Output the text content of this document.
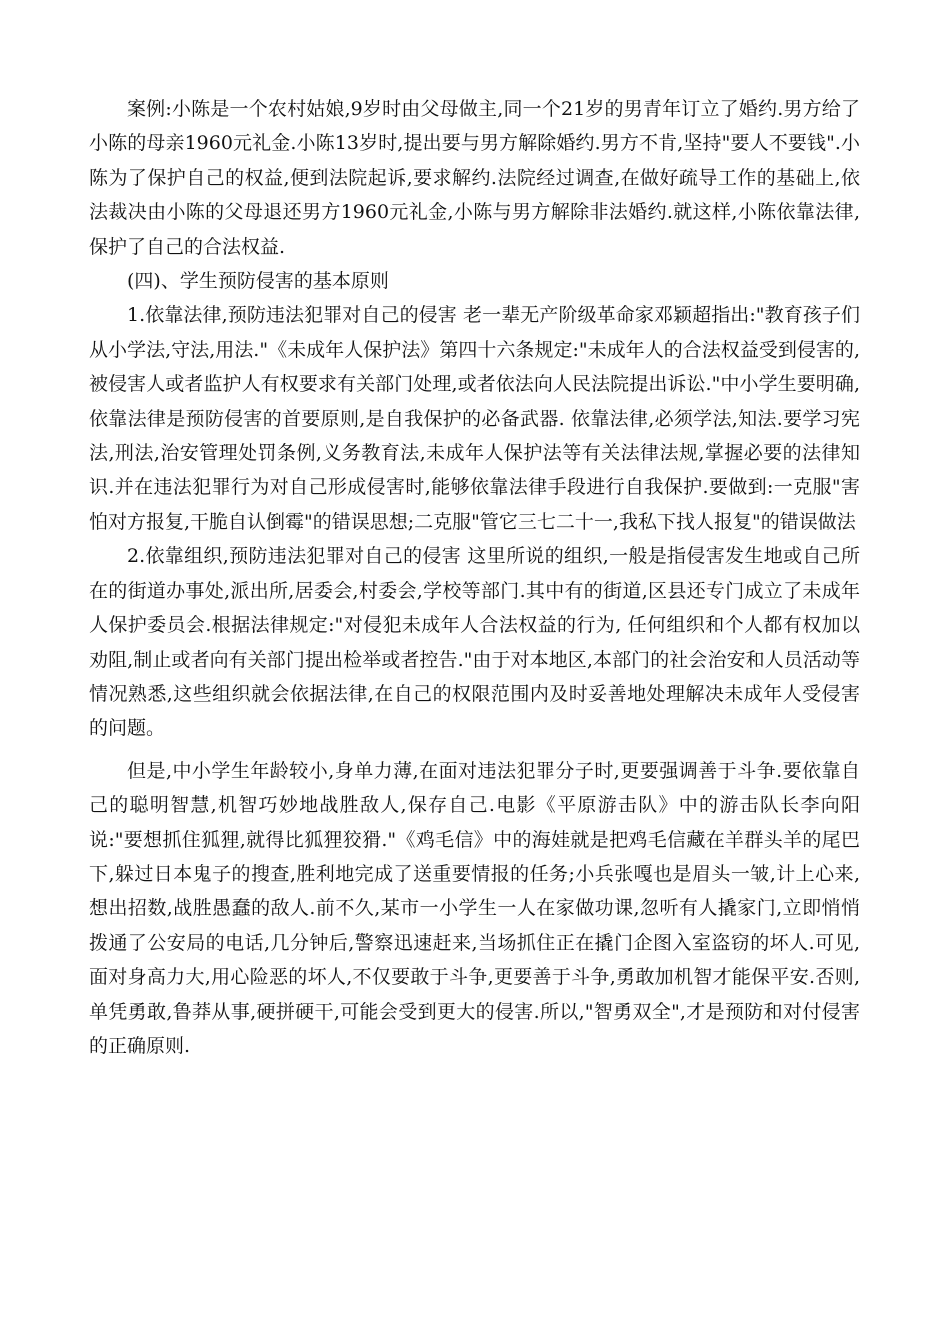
案例:小陈是一个农村姑娘,9岁时由父母做主,同一个21岁的男青年订立了婚约.男方给了小陈的母亲1960元礼金.小陈13岁时,提出要与男方解除婚约.男方不肯,坚持"要人不要钱".小陈为了保护自己的权益,便到法院起诉,要求解约.法院经过调查,在做好疏导工作的基础上,依法裁决由小陈的父母退还男方1960元礼金,小陈与男方解除非法婚约.就这样,小陈依靠法律,保护了自己的合法权益.

(四)、学生预防侵害的基本原则

1.依靠法律,预防违法犯罪对自己的侵害 老一辈无产阶级革命家邓颖超指出:"教育孩子们从小学法,守法,用法."《未成年人保护法》第四十六条规定:"未成年人的合法权益受到侵害的,被侵害人或者监护人有权要求有关部门处理,或者依法向人民法院提出诉讼."中小学生要明确,依靠法律是预防侵害的首要原则,是自我保护的必备武器. 依靠法律,必须学法,知法.要学习宪法,刑法,治安管理处罚条例,义务教育法,未成年人保护法等有关法律法规,掌握必要的法律知识.并在违法犯罪行为对自己形成侵害时,能够依靠法律手段进行自我保护.要做到:一克服"害怕对方报复,干脆自认倒霉"的错误思想;二克服"管它三七二十一,我私下找人报复"的错误做法

2.依靠组织,预防违法犯罪对自己的侵害 这里所说的组织,一般是指侵害发生地或自己所在的街道办事处,派出所,居委会,村委会,学校等部门.其中有的街道,区县还专门成立了未成年人保护委员会.根据法律规定:"对侵犯未成年人合法权益的行为, 任何组织和个人都有权加以劝阻,制止或者向有关部门提出检举或者控告."由于对本地区,本部门的社会治安和人员活动等情况熟悉,这些组织就会依据法律,在自己的权限范围内及时妥善地处理解决未成年人受侵害的问题。

但是,中小学生年龄较小,身单力薄,在面对违法犯罪分子时,更要强调善于斗争.要依靠自己的聪明智慧,机智巧妙地战胜敌人,保存自己.电影《平原游击队》中的游击队长李向阳说:"要想抓住狐狸,就得比狐狸狡猾."《鸡毛信》中的海娃就是把鸡毛信藏在羊群头羊的尾巴下,躲过日本鬼子的搜查,胜利地完成了送重要情报的任务;小兵张嘎也是眉头一皱,计上心来,想出招数,战胜愚蠢的敌人.前不久,某市一小学生一人在家做功课,忽听有人撬家门,立即悄悄拨通了公安局的电话,几分钟后,警察迅速赶来,当场抓住正在撬门企图入室盗窃的坏人.可见,面对身高力大,用心险恶的坏人,不仅要敢于斗争,更要善于斗争,勇敢加机智才能保平安.否则,单凭勇敢,鲁莽从事,硬拼硬干,可能会受到更大的侵害.所以,"智勇双全",才是预防和对付侵害的正确原则.
